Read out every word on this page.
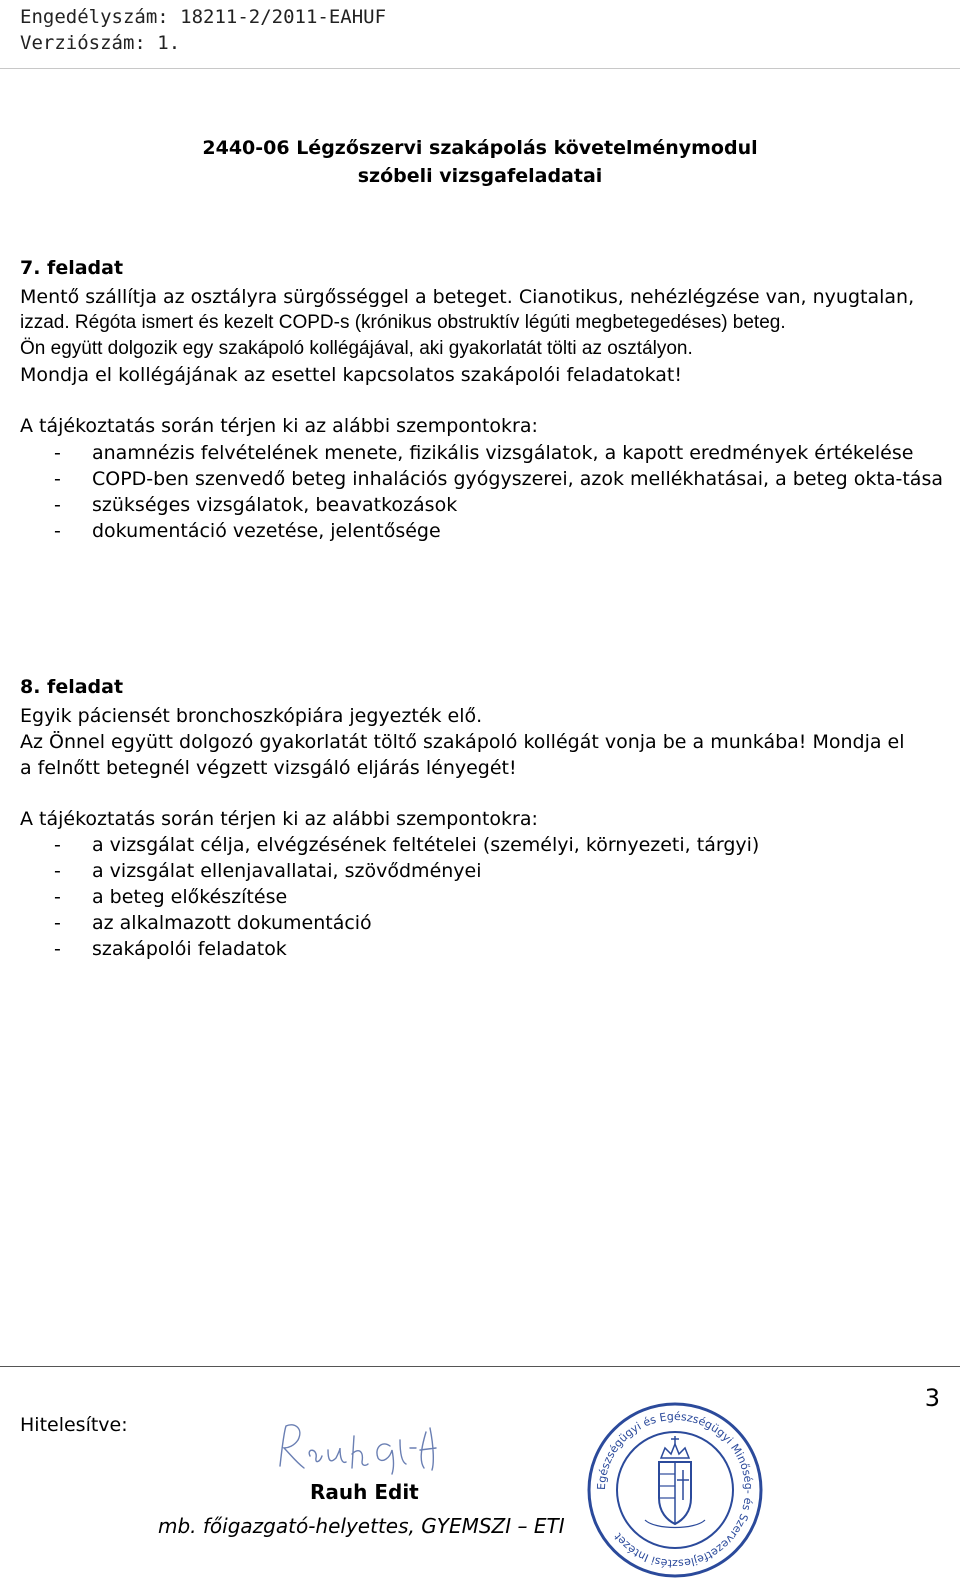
Engedélyszám: 18211-2/2011-EAHUF
Verziószám: 1.
2440-06 Légzőszervi szakápolás követelménymodul
szóbeli vizsgafeladatai
7. feladat
Mentő szállítja az osztályra sürgősséggel a beteget. Cianotikus, nehézlégzése van, nyugtalan,
izzad. Régóta ismert és kezelt COPD-s (krónikus obstruktív légúti megbetegedéses) beteg.
Ön együtt dolgozik egy szakápoló kollégájával, aki gyakorlatát tölti az osztályon.
Mondja el kollégájának az esettel kapcsolatos szakápolói feladatokat!
A tájékoztatás során térjen ki az alábbi szempontokra:
- anamnézis felvételének menete, fizikális vizsgálatok, a kapott eredmények értékelése
- COPD-ben szenvedő beteg inhalációs gyógyszerei, azok mellékhatásai, a beteg okta-tása
- szükséges vizsgálatok, beavatkozások
- dokumentáció vezetése, jelentősége
8. feladat
Egyik páciensét bronchoszkópiára jegyezték elő.
Az Önnel együtt dolgozó gyakorlatát töltő szakápoló kollégát vonja be a munkába! Mondja el
a felnőtt betegnél végzett vizsgáló eljárás lényegét!
A tájékoztatás során térjen ki az alábbi szempontokra:
- a vizsgálat célja, elvégzésének feltételei (személyi, környezeti, tárgyi)
- a vizsgálat ellenjavallatai, szövődményei
- a beteg előkészítése
- az alkalmazott dokumentáció
- szakápolói feladatok
3
Hitelesítve:
Rauh Edit
mb. főigazgató-helyettes, GYEMSZI – ETI
Egészségügyi és Egészségügyi Minőség- és Szervezetfejlesztési Intézet
